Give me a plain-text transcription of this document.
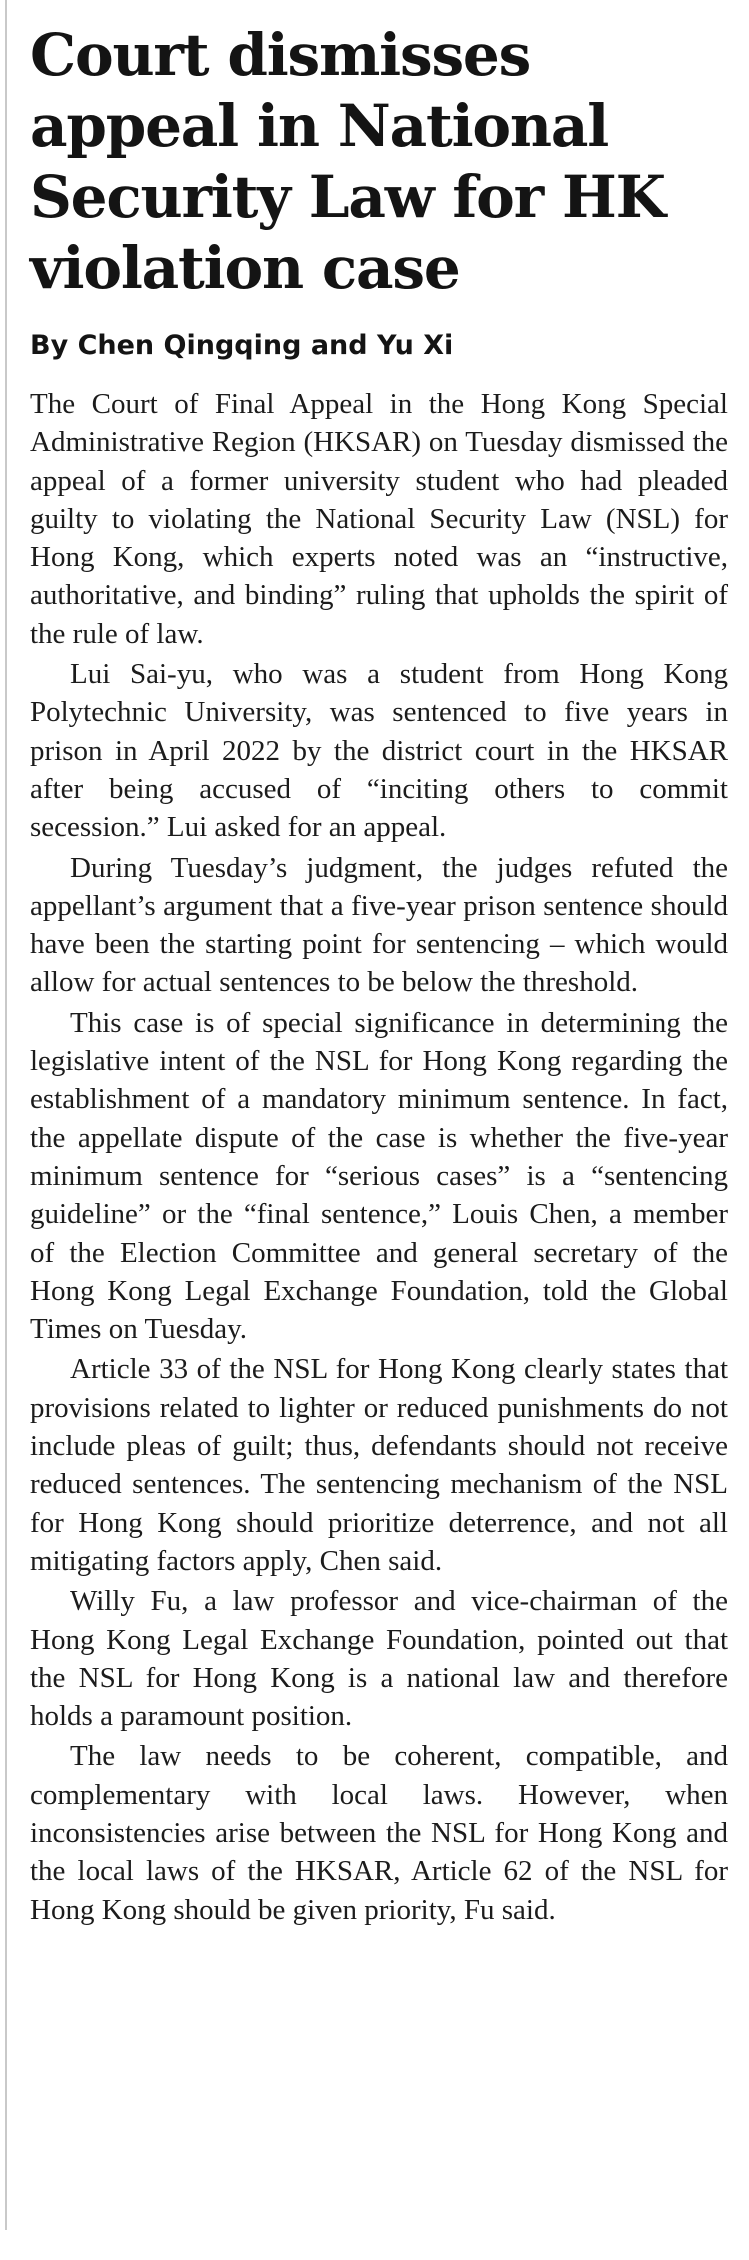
Court dismisses appeal in National Security Law for HK violation case
By Chen Qingqing and Yu Xi

The Court of Final Appeal in the Hong Kong Special Administrative Region (HKSAR) on Tuesday dismissed the appeal of a former university student who had pleaded guilty to violating the National Security Law (NSL) for Hong Kong, which experts noted was an “instructive, authoritative, and binding” ruling that upholds the spirit of the rule of law.

Lui Sai-yu, who was a student from Hong Kong Polytechnic University, was sentenced to five years in prison in April 2022 by the district court in the HKSAR after being accused of “inciting others to commit secession.” Lui asked for an appeal.

During Tuesday’s judgment, the judges refuted the appellant’s argument that a five-year prison sentence should have been the starting point for sentencing – which would allow for actual sentences to be below the threshold.

This case is of special significance in determining the legislative intent of the NSL for Hong Kong regarding the establishment of a mandatory minimum sentence. In fact, the appellate dispute of the case is whether the five-year minimum sentence for “serious cases” is a “sentencing guideline” or the “final sentence,” Louis Chen, a member of the Election Committee and general secretary of the Hong Kong Legal Exchange Foundation, told the Global Times on Tuesday.

Article 33 of the NSL for Hong Kong clearly states that provisions related to lighter or reduced punishments do not include pleas of guilt; thus, defendants should not receive reduced sentences. The sentencing mechanism of the NSL for Hong Kong should prioritize deterrence, and not all mitigating factors apply, Chen said.

Willy Fu, a law professor and vice-chairman of the Hong Kong Legal Exchange Foundation, pointed out that the NSL for Hong Kong is a national law and therefore holds a paramount position.

The law needs to be coherent, compatible, and complementary with local laws. However, when inconsistencies arise between the NSL for Hong Kong and the local laws of the HKSAR, Article 62 of the NSL for Hong Kong should be given priority, Fu said.
